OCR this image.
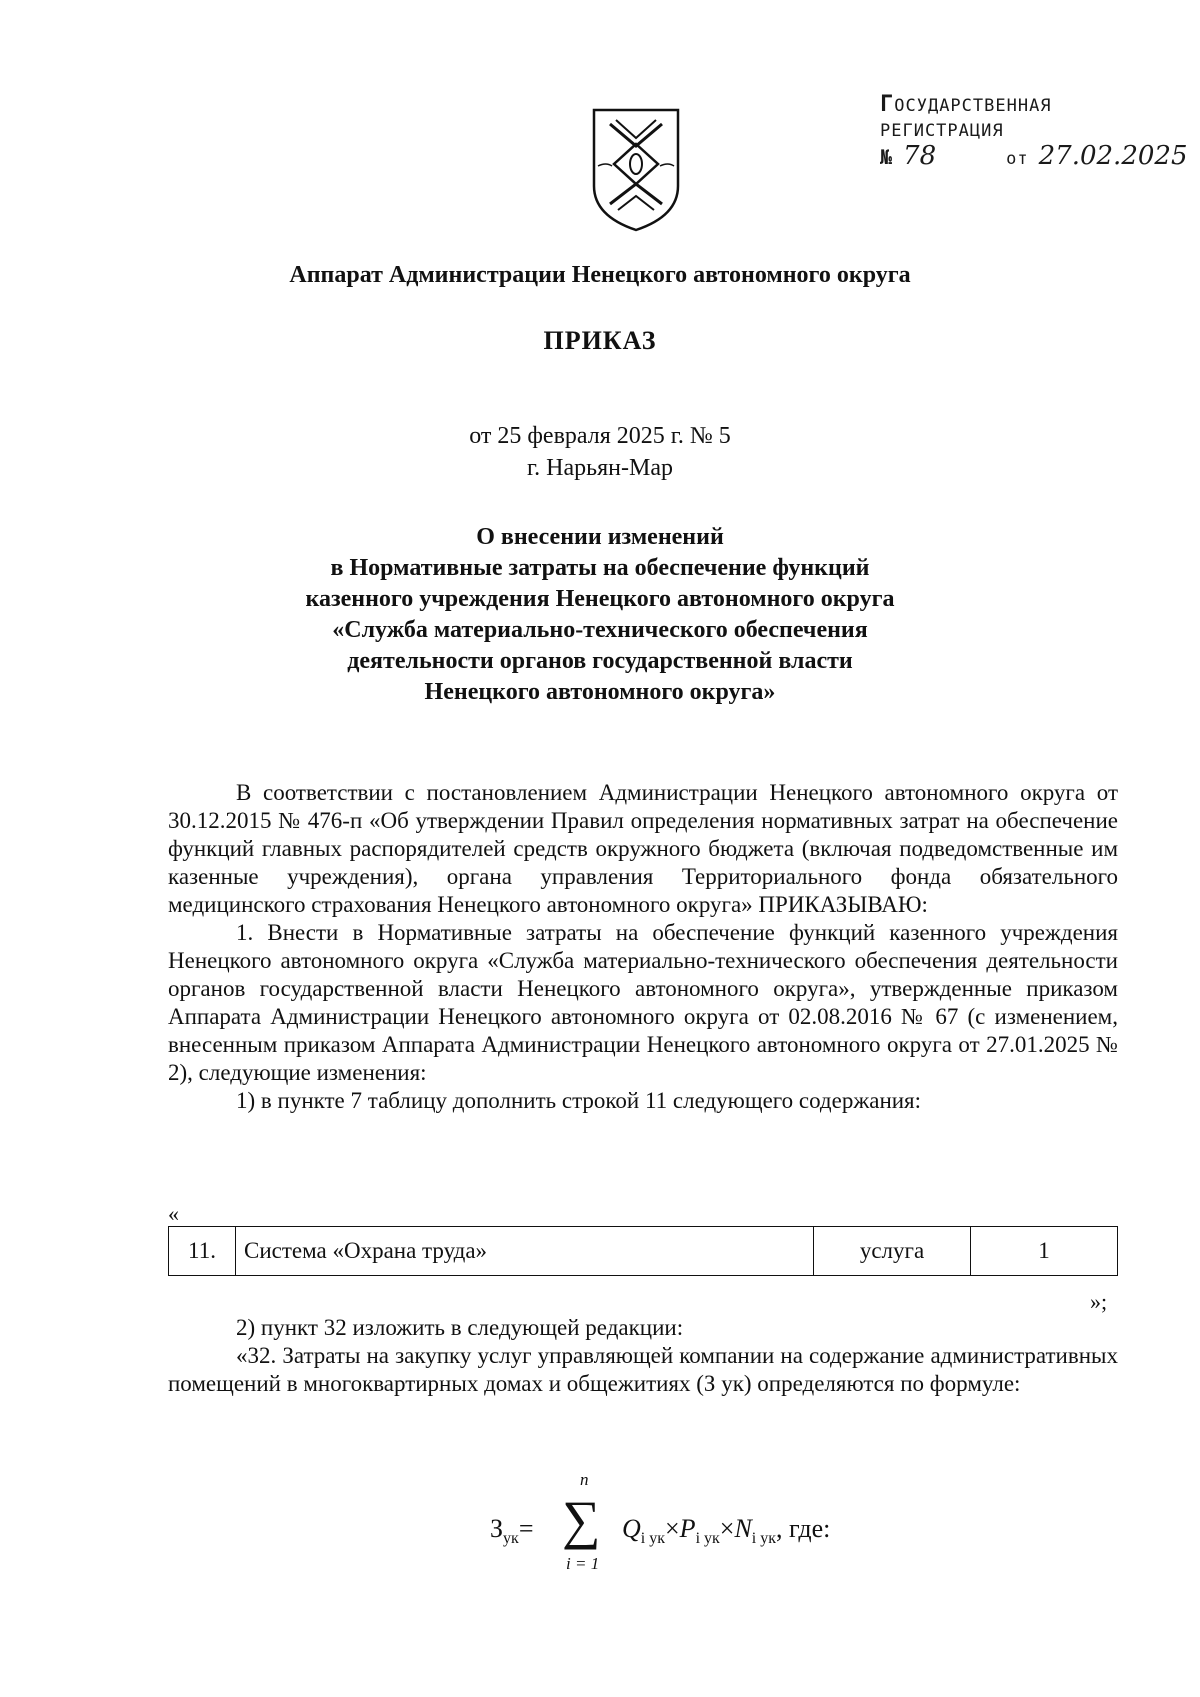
ГОСУДАРСТВЕННАЯ
РЕГИСТРАЦИЯ
№ 78	от 27.02.2025
Аппарат Администрации Ненецкого автономного округа
ПРИКАЗ
от 25 февраля 2025 г. № 5
г. Нарьян-Мар
О внесении изменений
в Нормативные затраты на обеспечение функций
казенного учреждения Ненецкого автономного округа
«Служба материально-технического обеспечения
деятельности органов государственной власти
Ненецкого автономного округа»

В соответствии с постановлением Администрации Ненецкого автономного округа от 30.12.2015 № 476-п «Об утверждении Правил определения нормативных затрат на обеспечение функций главных распорядителей средств окружного бюджета (включая подведомственные им казенные учреждения), органа управления Территориального фонда обязательного медицинского страхования Ненецкого автономного округа» ПРИКАЗЫВАЮ:

1. Внести в Нормативные затраты на обеспечение функций казенного учреждения Ненецкого автономного округа «Служба материально-технического обеспечения деятельности органов государственной власти Ненецкого автономного округа», утвержденные приказом Аппарата Администрации Ненецкого автономного округа от 02.08.2016 № 67 (с изменением, внесенным приказом Аппарата Администрации Ненецкого автономного округа от 27.01.2025 № 2), следующие изменения:

1) в пункте 7 таблицу дополнить строкой 11 следующего содержания:

«
11.	Система «Охрана труда»	услуга	1
»;

2) пункт 32 изложить в следующей редакции:

«32. Затраты на закупку услуг управляющей компании на содержание административных помещений в многоквартирных домах и общежитиях (З ук) определяются по формуле:

$З_{ук}=$
n
∑
i = 1
$Q_{i ук}\times P_{i ук}\times N_{i ук}$, где:
